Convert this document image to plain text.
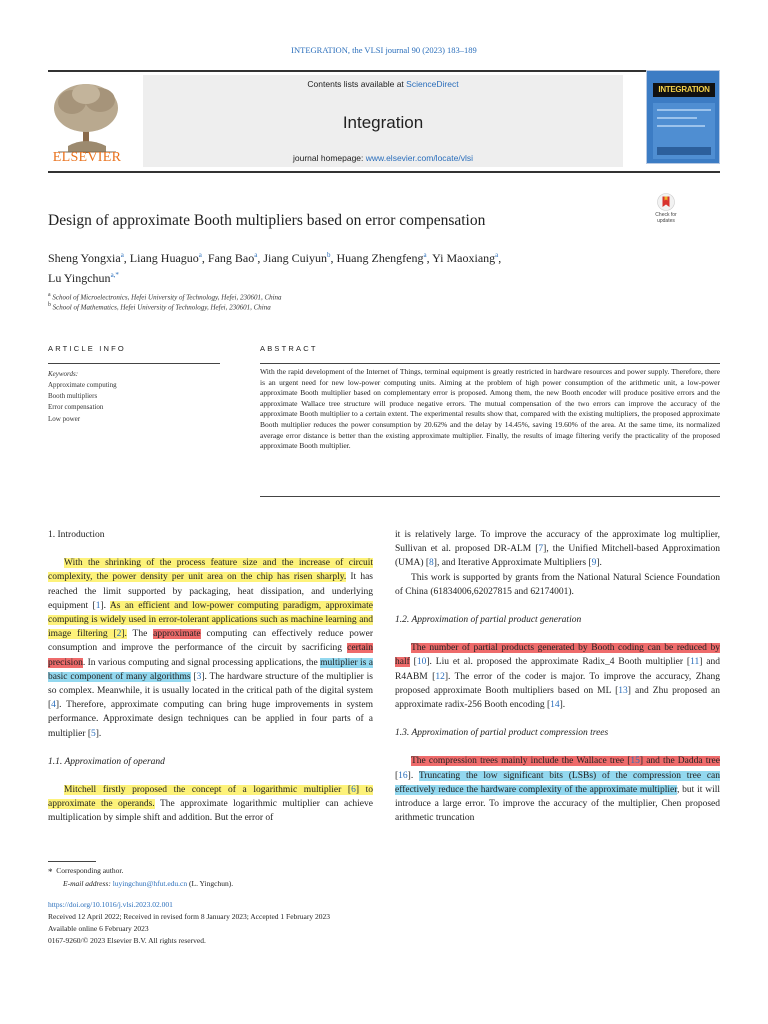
INTEGRATION, the VLSI journal 90 (2023) 183–189
ELSEVIER
Contents lists available at ScienceDirect
Integration
journal homepage: www.elsevier.com/locate/vlsi
INTEGRATION
Design of approximate Booth multipliers based on error compensation	Check for updates
Sheng Yongxia$^a$, Liang Huaguo$^a$, Fang Bao$^a$, Jiang Cuiyun$^b$, Huang Zhengfeng$^a$, Yi Maoxiang$^a$,
Lu Yingchun$^{a,*}$
$^a$ School of Microelectronics, Hefei University of Technology, Hefei, 230601, China
$^b$ School of Mathematics, Hefei University of Technology, Hefei, 230601, China
ARTICLE INFO
Keywords:
Approximate computing
Booth multipliers
Error compensation
Low power
ABSTRACT
With the rapid development of the Internet of Things, terminal equipment is greatly restricted in hardware resources and power supply. Therefore, there is an urgent need for new low-power computing units. Aiming at the problem of high power consumption of the arithmetic unit, a low-power approximate Booth multiplier based on complementary error is proposed. Among them, the new Booth encoder will produce positive errors and the approximate Wallace tree structure will produce negative errors. The mutual compensation of the two errors can improve the accuracy of the approximate Booth multiplier to a certain extent. The experimental results show that, compared with the existing multipliers, the proposed approximate Booth multiplier reduces the power consumption by 20.62% and the delay by 14.45%, saving 19.60% of the area. At the same time, its normalized average error distance is better than the existing approximate multiplier. Finally, the results of image filtering verify the practicality of the proposed approximate Booth multiplier.

1. Introduction

With the shrinking of the process feature size and the increase of circuit complexity, the power density per unit area on the chip has risen sharply. It has reached the limit supported by packaging, heat dissipation, and underlying equipment [1]. As an efficient and low-power computing paradigm, approximate computing is widely used in error-tolerant applications such as machine learning and image filtering [2]. The approximate computing can effectively reduce power consumption and improve the performance of the circuit by sacrificing certain precision. In various computing and signal processing applications, the multiplier is a basic component of many algorithms [3]. The hardware structure of the multiplier is so complex. Meanwhile, it is usually located in the critical path of the digital system [4]. Therefore, approximate computing can bring huge improvements in system performance. Approximate design techniques can be applied in four parts of a multiplier [5].

1.1. Approximation of operand

Mitchell firstly proposed the concept of a logarithmic multiplier [6] to approximate the operands. The approximate logarithmic multiplier can achieve multiplication by simple shift and addition. But the error of

it is relatively large. To improve the accuracy of the approximate log multiplier, Sullivan et al. proposed DR-ALM [7], the Unified Mitchell-based Approximation (UMA) [8], and Iterative Approximate Multipliers [9].

This work is supported by grants from the National Natural Science Foundation of China (61834006,62027815 and 62174001).

1.2. Approximation of partial product generation

The number of partial products generated by Booth coding can be reduced by half [10]. Liu et al. proposed the approximate Radix_4 Booth multiplier [11] and R4ABM [12]. The error of the coder is major. To improve the accuracy, Zhang proposed approximate Booth multipliers based on ML [13] and Zhu proposed an approximate radix-256 Booth encoding [14].

1.3. Approximation of partial product compression trees

The compression trees mainly include the Wallace tree [15] and the Dadda tree [16]. Truncating the low significant bits (LSBs) of the compression tree can effectively reduce the hardware complexity of the approximate multiplier, but it will introduce a large error. To improve the accuracy of the multiplier, Chen proposed arithmetic truncation

* Corresponding author.
E-mail address: luyingchun@hfut.edu.cn (L. Yingchun).
https://doi.org/10.1016/j.vlsi.2023.02.001
Received 12 April 2022; Received in revised form 8 January 2023; Accepted 1 February 2023
Available online 6 February 2023
0167-9260/© 2023 Elsevier B.V. All rights reserved.
